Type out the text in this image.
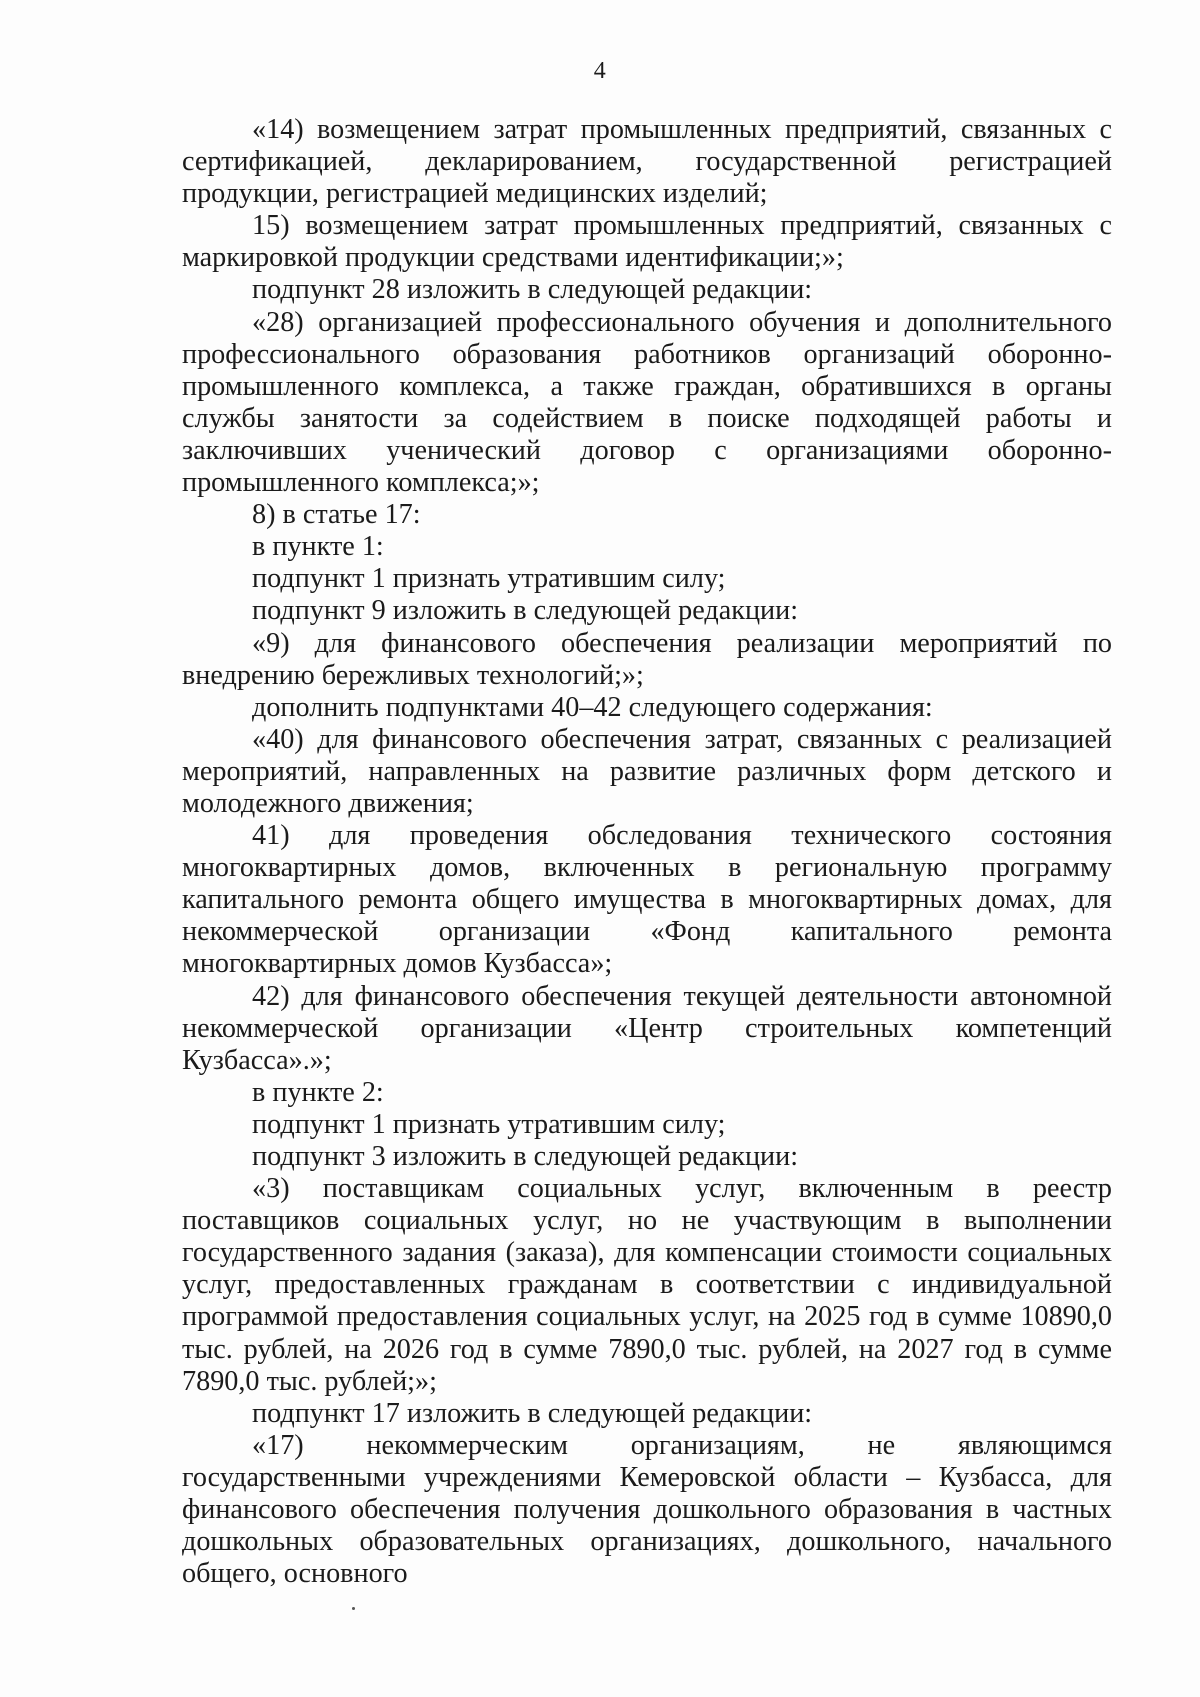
4

«14) возмещением затрат промышленных предприятий, связанных с сертификацией, декларированием, государственной регистрацией продукции, регистрацией медицинских изделий;

15) возмещением затрат промышленных предприятий, связанных с маркировкой продукции средствами идентификации;»;

подпункт 28 изложить в следующей редакции:

«28) организацией профессионального обучения и дополнительного профессионального образования работников организаций оборонно-промышленного комплекса, а также граждан, обратившихся в органы службы занятости за содействием в поиске подходящей работы и заключивших ученический договор с организациями оборонно-промышленного комплекса;»;

8) в статье 17:

в пункте 1:

подпункт 1 признать утратившим силу;

подпункт 9 изложить в следующей редакции:

«9) для финансового обеспечения реализации мероприятий по внедрению бережливых технологий;»;

дополнить подпунктами 40–42 следующего содержания:

«40) для финансового обеспечения затрат, связанных с реализацией мероприятий, направленных на развитие различных форм детского и молодежного движения;

41) для проведения обследования технического состояния многоквартирных домов, включенных в региональную программу капитального ремонта общего имущества в многоквартирных домах, для некоммерческой организации «Фонд капитального ремонта многоквартирных домов Кузбасса»;

42) для финансового обеспечения текущей деятельности автономной некоммерческой организации «Центр строительных компетенций Кузбасса».»;

в пункте 2:

подпункт 1 признать утратившим силу;

подпункт 3 изложить в следующей редакции:

«3) поставщикам социальных услуг, включенным в реестр поставщиков социальных услуг, но не участвующим в выполнении государственного задания (заказа), для компенсации стоимости социальных услуг, предоставленных гражданам в соответствии с индивидуальной программой предоставления социальных услуг, на 2025 год в сумме 10890,0 тыс. рублей, на 2026 год в сумме 7890,0 тыс. рублей, на 2027 год в сумме 7890,0 тыс. рублей;»;

подпункт 17 изложить в следующей редакции:

«17) некоммерческим организациям, не являющимся государственными учреждениями Кемеровской области – Кузбасса, для финансового обеспечения получения дошкольного образования в частных дошкольных образовательных организациях, дошкольного, начального общего, основного
